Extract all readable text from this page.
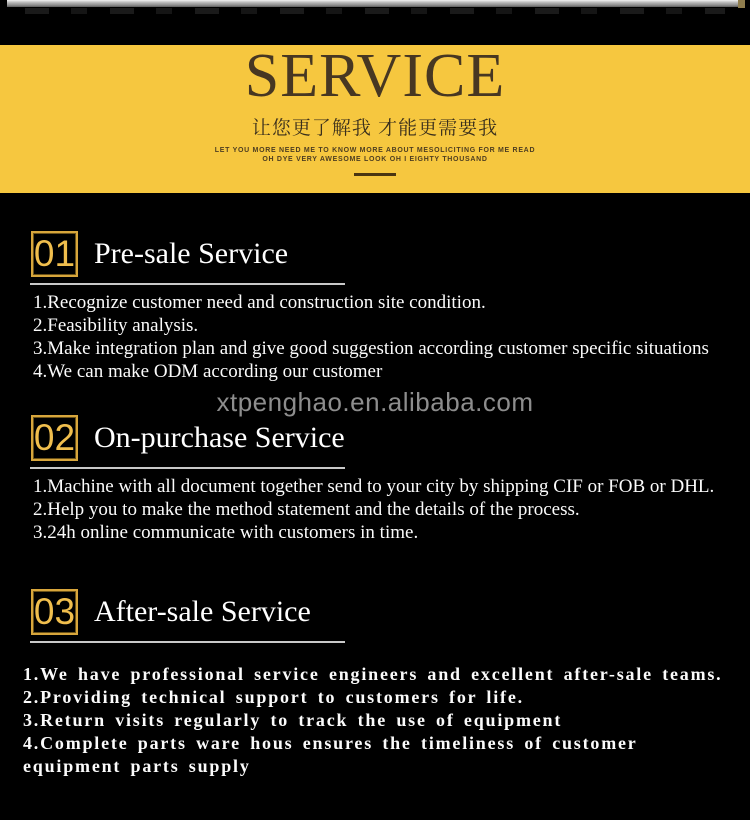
SERVICE
让您更了解我 才能更需要我
LET YOU MORE NEED ME TO KNOW MORE ABOUT MESOLICITING FOR ME READ
OH DYE VERY AWESOME LOOK OH I EIGHTY THOUSAND
xtpenghao.en.alibaba.com
01 Pre-sale Service
1.Recognize customer need and construction site condition.
2.Feasibility analysis.
3.Make integration plan and give good suggestion according customer specific situations
4.We can make ODM according our customer
02 On-purchase Service
1.Machine with all document together send to your city by shipping CIF or FOB or DHL.
2.Help you to make the method statement and the details of the process.
3.24h online communicate with customers in time.
03 After-sale Service
1.We have professional service engineers and excellent after-sale teams.
2.Providing technical support to customers for life.
3.Return visits regularly to track the use of equipment
4.Complete parts ware hous ensures the timeliness of customer equipment parts supply
